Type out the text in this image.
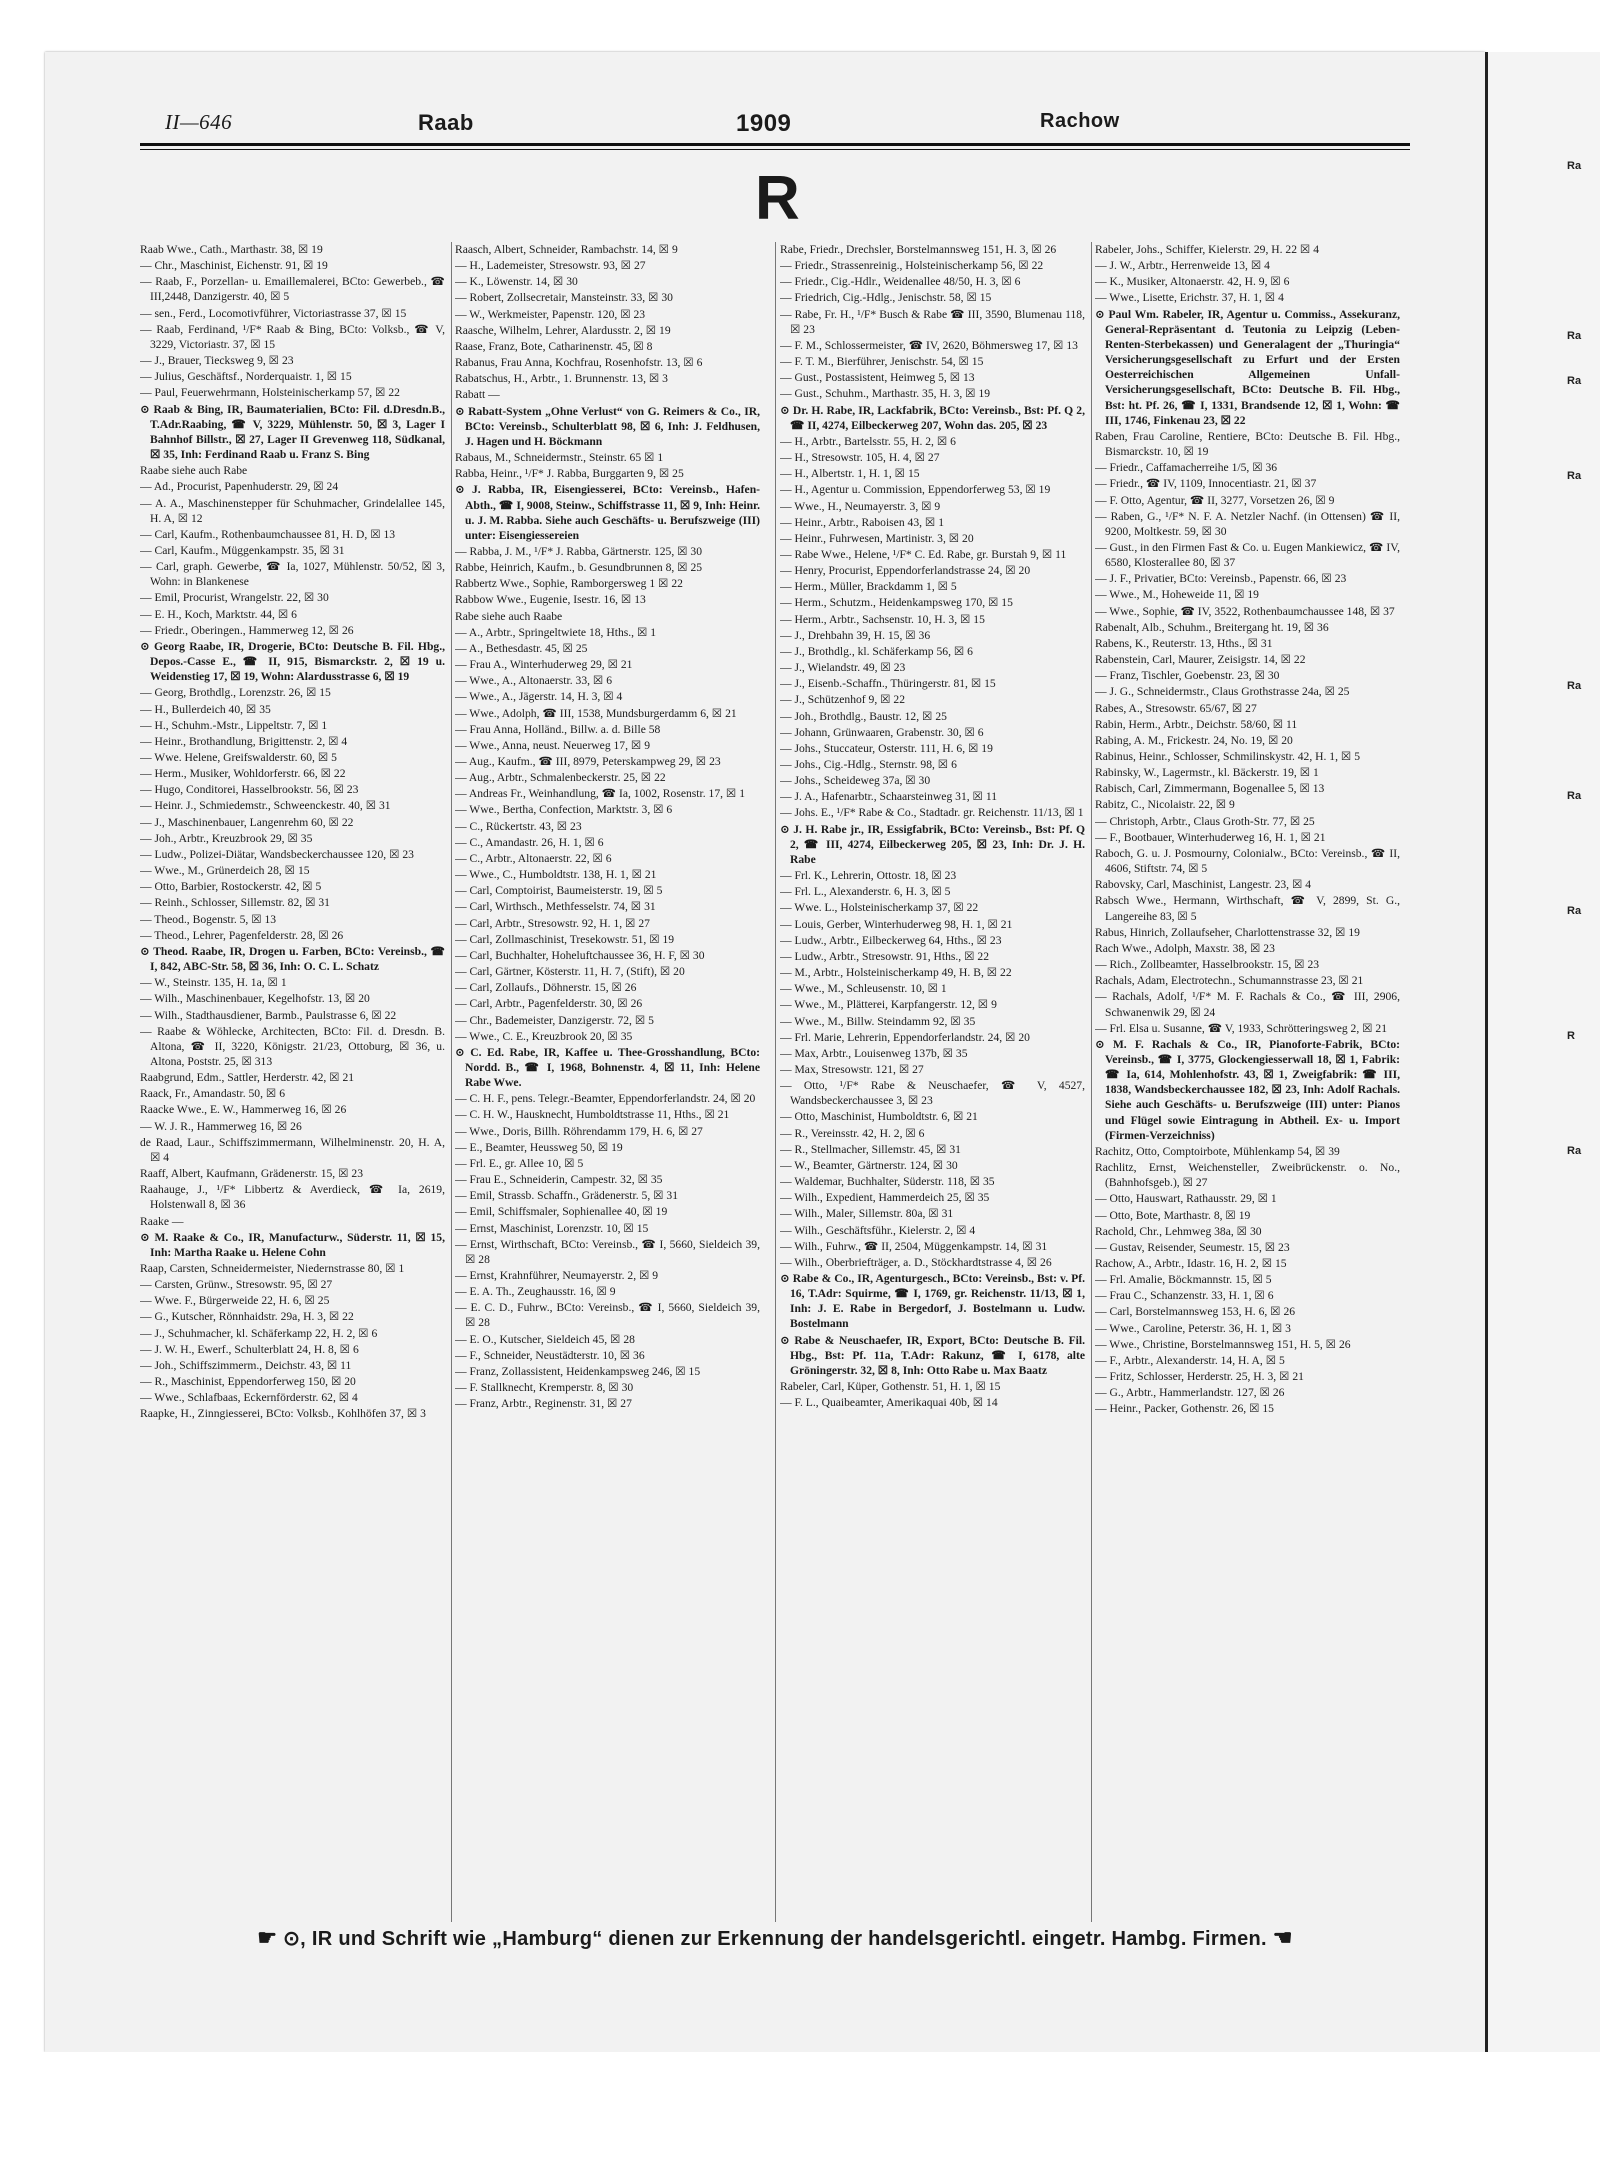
Ra
Ra
Ra
Ra
Ra
Ra
Ra
R
Ra
II—646	Raab	1909	Rachow
R
Raab Wwe., Cath., Marthastr. 38, ☒ 19
— Chr., Maschinist, Eichenstr. 91, ☒ 19
— Raab, F., Porzellan- u. Emaillemalerei, BCto: Gewerbeb., ☎ III,2448, Danzigerstr. 40, ☒ 5
— sen., Ferd., Locomotivführer, Victoriastrasse 37, ☒ 15
— Raab, Ferdinand, ¹/F* Raab & Bing, BCto: Volksb., ☎ V, 3229, Victoriastr. 37, ☒ 15
— J., Brauer, Tiecksweg 9, ☒ 23
— Julius, Geschäftsf., Norderquaistr. 1, ☒ 15
— Paul, Feuerwehrmann, Holsteinischerkamp 57, ☒ 22
⊙ Raab & Bing, IR, Baumaterialien, BCto: Fil. d.Dresdn.B., T.Adr.Raabing, ☎ V, 3229, Mühlenstr. 50, ☒ 3, Lager I Bahnhof Billstr., ☒ 27, Lager II Grevenweg 118, Südkanal, ☒ 35, Inh: Ferdinand Raab u. Franz S. Bing
Raabe siehe auch Rabe
— Ad., Procurist, Papenhuderstr. 29, ☒ 24
— A. A., Maschinenstepper für Schuhmacher, Grindelallee 145, H. A, ☒ 12
— Carl, Kaufm., Rothenbaumchaussee 81, H. D, ☒ 13
— Carl, Kaufm., Müggenkampstr. 35, ☒ 31
— Carl, graph. Gewerbe, ☎ Ia, 1027, Mühlenstr. 50/52, ☒ 3, Wohn: in Blankenese
— Emil, Procurist, Wrangelstr. 22, ☒ 30
— E. H., Koch, Marktstr. 44, ☒ 6
— Friedr., Oberingen., Hammerweg 12, ☒ 26
⊙ Georg Raabe, IR, Drogerie, BCto: Deutsche B. Fil. Hbg., Depos.-Casse E., ☎ II, 915, Bismarckstr. 2, ☒ 19 u. Weidenstieg 17, ☒ 19, Wohn: Alardusstrasse 6, ☒ 19
— Georg, Brothdlg., Lorenzstr. 26, ☒ 15
— H., Bullerdeich 40, ☒ 35
— H., Schuhm.-Mstr., Lippeltstr. 7, ☒ 1
— Heinr., Brothandlung, Brigittenstr. 2, ☒ 4
— Wwe. Helene, Greifswalderstr. 60, ☒ 5
— Herm., Musiker, Wohldorferstr. 66, ☒ 22
— Hugo, Conditorei, Hasselbrookstr. 56, ☒ 23
— Heinr. J., Schmiedemstr., Schweenckestr. 40, ☒ 31
— J., Maschinenbauer, Langenrehm 60, ☒ 22
— Joh., Arbtr., Kreuzbrook 29, ☒ 35
— Ludw., Polizei-Diätar, Wandsbeckerchaussee 120, ☒ 23
— Wwe., M., Grünerdeich 28, ☒ 15
— Otto, Barbier, Rostockerstr. 42, ☒ 5
— Reinh., Schlosser, Sillemstr. 82, ☒ 31
— Theod., Bogenstr. 5, ☒ 13
— Theod., Lehrer, Pagenfelderstr. 28, ☒ 26
⊙ Theod. Raabe, IR, Drogen u. Farben, BCto: Vereinsb., ☎ I, 842, ABC-Str. 58, ☒ 36, Inh: O. C. L. Schatz
— W., Steinstr. 135, H. 1a, ☒ 1
— Wilh., Maschinenbauer, Kegelhofstr. 13, ☒ 20
— Wilh., Stadthausdiener, Barmb., Paulstrasse 6, ☒ 22
— Raabe & Wöhlecke, Architecten, BCto: Fil. d. Dresdn. B. Altona, ☎ II, 3220, Königstr. 21/23, Ottoburg, ☒ 36, u. Altona, Poststr. 25, ☒ 313
Raabgrund, Edm., Sattler, Herderstr. 42, ☒ 21
Raack, Fr., Amandastr. 50, ☒ 6
Raacke Wwe., E. W., Hammerweg 16, ☒ 26
— W. J. R., Hammerweg 16, ☒ 26
de Raad, Laur., Schiffszimmermann, Wilhelminenstr. 20, H. A, ☒ 4
Raaff, Albert, Kaufmann, Grädenerstr. 15, ☒ 23
Raahauge, J., ¹/F* Libbertz & Averdieck, ☎ Ia, 2619, Holstenwall 8, ☒ 36
Raake —
⊙ M. Raake & Co., IR, Manufacturw., Süderstr. 11, ☒ 15, Inh: Martha Raake u. Helene Cohn
Raap, Carsten, Schneidermeister, Niedernstrasse 80, ☒ 1
— Carsten, Grünw., Stresowstr. 95, ☒ 27
— Wwe. F., Bürgerweide 22, H. 6, ☒ 25
— G., Kutscher, Rönnhaidstr. 29a, H. 3, ☒ 22
— J., Schuhmacher, kl. Schäferkamp 22, H. 2, ☒ 6
— J. W. H., Ewerf., Schulterblatt 24, H. 8, ☒ 6
— Joh., Schiffszimmerm., Deichstr. 43, ☒ 11
— R., Maschinist, Eppendorferweg 150, ☒ 20
— Wwe., Schlafbaas, Eckernförderstr. 62, ☒ 4
Raapke, H., Zinngiesserei, BCto: Volksb., Kohlhöfen 37, ☒ 3
Raasch, Albert, Schneider, Rambachstr. 14, ☒ 9
— H., Lademeister, Stresowstr. 93, ☒ 27
— K., Löwenstr. 14, ☒ 30
— Robert, Zollsecretair, Mansteinstr. 33, ☒ 30
— W., Werkmeister, Papenstr. 120, ☒ 23
Raasche, Wilhelm, Lehrer, Alardusstr. 2, ☒ 19
Raase, Franz, Bote, Catharinenstr. 45, ☒ 8
Rabanus, Frau Anna, Kochfrau, Rosenhofstr. 13, ☒ 6
Rabatschus, H., Arbtr., 1. Brunnenstr. 13, ☒ 3
Rabatt —
⊙ Rabatt-System „Ohne Verlust“ von G. Reimers & Co., IR, BCto: Vereinsb., Schulterblatt 98, ☒ 6, Inh: J. Feldhusen, J. Hagen und H. Böckmann
Rabaus, M., Schneidermstr., Steinstr. 65 ☒ 1
Rabba, Heinr., ¹/F* J. Rabba, Burggarten 9, ☒ 25
⊙ J. Rabba, IR, Eisengiesserei, BCto: Vereinsb., Hafen-Abth., ☎ I, 9008, Steinw., Schiffstrasse 11, ☒ 9, Inh: Heinr. u. J. M. Rabba. Siehe auch Geschäfts- u. Berufszweige (III) unter: Eisengiessereien
— Rabba, J. M., ¹/F* J. Rabba, Gärtnerstr. 125, ☒ 30
Rabbe, Heinrich, Kaufm., b. Gesundbrunnen 8, ☒ 25
Rabbertz Wwe., Sophie, Ramborgersweg 1 ☒ 22
Rabbow Wwe., Eugenie, Isestr. 16, ☒ 13
Rabe siehe auch Raabe
— A., Arbtr., Springeltwiete 18, Hths., ☒ 1
— A., Bethesdastr. 45, ☒ 25
— Frau A., Winterhuderweg 29, ☒ 21
— Wwe., A., Altonaerstr. 33, ☒ 6
— Wwe., A., Jägerstr. 14, H. 3, ☒ 4
— Wwe., Adolph, ☎ III, 1538, Mundsburgerdamm 6, ☒ 21
— Frau Anna, Holländ., Billw. a. d. Bille 58
— Wwe., Anna, neust. Neuerweg 17, ☒ 9
— Aug., Kaufm., ☎ III, 8979, Peterskampweg 29, ☒ 23
— Aug., Arbtr., Schmalenbeckerstr. 25, ☒ 22
— Andreas Fr., Weinhandlung, ☎ Ia, 1002, Rosenstr. 17, ☒ 1
— Wwe., Bertha, Confection, Marktstr. 3, ☒ 6
— C., Rückertstr. 43, ☒ 23
— C., Amandastr. 26, H. 1, ☒ 6
— C., Arbtr., Altonaerstr. 22, ☒ 6
— Wwe., C., Humboldtstr. 138, H. 1, ☒ 21
— Carl, Comptoirist, Baumeisterstr. 19, ☒ 5
— Carl, Wirthsch., Methfesselstr. 74, ☒ 31
— Carl, Arbtr., Stresowstr. 92, H. 1, ☒ 27
— Carl, Zollmaschinist, Tresekowstr. 51, ☒ 19
— Carl, Buchhalter, Hoheluftchaussee 36, H. F, ☒ 30
— Carl, Gärtner, Kösterstr. 11, H. 7, (Stift), ☒ 20
— Carl, Zollaufs., Döhnerstr. 15, ☒ 26
— Carl, Arbtr., Pagenfelderstr. 30, ☒ 26
— Chr., Bademeister, Danzigerstr. 72, ☒ 5
— Wwe., C. E., Kreuzbrook 20, ☒ 35
⊙ C. Ed. Rabe, IR, Kaffee u. Thee-Grosshandlung, BCto: Nordd. B., ☎ I, 1968, Bohnenstr. 4, ☒ 11, Inh: Helene Rabe Wwe.
— C. H. F., pens. Telegr.-Beamter, Eppendorferlandstr. 24, ☒ 20
— C. H. W., Hausknecht, Humboldtstrasse 11, Hths., ☒ 21
— Wwe., Doris, Billh. Röhrendamm 179, H. 6, ☒ 27
— E., Beamter, Heussweg 50, ☒ 19
— Frl. E., gr. Allee 10, ☒ 5
— Frau E., Schneiderin, Campestr. 32, ☒ 35
— Emil, Strassb. Schaffn., Grädenerstr. 5, ☒ 31
— Emil, Schiffsmaler, Sophienallee 40, ☒ 19
— Ernst, Maschinist, Lorenzstr. 10, ☒ 15
— Ernst, Wirthschaft, BCto: Vereinsb., ☎ I, 5660, Sieldeich 39, ☒ 28
— Ernst, Krahnführer, Neumayerstr. 2, ☒ 9
— E. A. Th., Zeughausstr. 16, ☒ 9
— E. C. D., Fuhrw., BCto: Vereinsb., ☎ I, 5660, Sieldeich 39, ☒ 28
— E. O., Kutscher, Sieldeich 45, ☒ 28
— F., Schneider, Neustädterstr. 10, ☒ 36
— Franz, Zollassistent, Heidenkampsweg 246, ☒ 15
— F. Stallknecht, Kremperstr. 8, ☒ 30
— Franz, Arbtr., Reginenstr. 31, ☒ 27
Rabe, Friedr., Drechsler, Borstelmannsweg 151, H. 3, ☒ 26
— Friedr., Strassenreinig., Holsteinischerkamp 56, ☒ 22
— Friedr., Cig.-Hdlr., Weidenallee 48/50, H. 3, ☒ 6
— Friedrich, Cig.-Hdlg., Jenischstr. 58, ☒ 15
— Rabe, Fr. H., ¹/F* Busch & Rabe ☎ III, 3590, Blumenau 118, ☒ 23
— F. M., Schlossermeister, ☎ IV, 2620, Böhmersweg 17, ☒ 13
— F. T. M., Bierführer, Jenischstr. 54, ☒ 15
— Gust., Postassistent, Heimweg 5, ☒ 13
— Gust., Schuhm., Marthastr. 35, H. 3, ☒ 19
⊙ Dr. H. Rabe, IR, Lackfabrik, BCto: Vereinsb., Bst: Pf. Q 2, ☎ II, 4274, Eilbeckerweg 207, Wohn das. 205, ☒ 23
— H., Arbtr., Bartelsstr. 55, H. 2, ☒ 6
— H., Stresowstr. 105, H. 4, ☒ 27
— H., Albertstr. 1, H. 1, ☒ 15
— H., Agentur u. Commission, Eppendorferweg 53, ☒ 19
— Wwe., H., Neumayerstr. 3, ☒ 9
— Heinr., Arbtr., Raboisen 43, ☒ 1
— Heinr., Fuhrwesen, Martinistr. 3, ☒ 20
— Rabe Wwe., Helene, ¹/F* C. Ed. Rabe, gr. Burstah 9, ☒ 11
— Henry, Procurist, Eppendorferlandstrasse 24, ☒ 20
— Herm., Müller, Brackdamm 1, ☒ 5
— Herm., Schutzm., Heidenkampsweg 170, ☒ 15
— Herm., Arbtr., Sachsenstr. 10, H. 3, ☒ 15
— J., Drehbahn 39, H. 15, ☒ 36
— J., Brothdlg., kl. Schäferkamp 56, ☒ 6
— J., Wielandstr. 49, ☒ 23
— J., Eisenb.-Schaffn., Thüringerstr. 81, ☒ 15
— J., Schützenhof 9, ☒ 22
— Joh., Brothdlg., Baustr. 12, ☒ 25
— Johann, Grünwaaren, Grabenstr. 30, ☒ 6
— Johs., Stuccateur, Osterstr. 111, H. 6, ☒ 19
— Johs., Cig.-Hdlg., Sternstr. 98, ☒ 6
— Johs., Scheideweg 37a, ☒ 30
— J. A., Hafenarbtr., Schaarsteinweg 31, ☒ 11
— Johs. E., ¹/F* Rabe & Co., Stadtadr. gr. Reichenstr. 11/13, ☒ 1
⊙ J. H. Rabe jr., IR, Essigfabrik, BCto: Vereinsb., Bst: Pf. Q 2, ☎ III, 4274, Eilbeckerweg 205, ☒ 23, Inh: Dr. J. H. Rabe
— Frl. K., Lehrerin, Ottostr. 18, ☒ 23
— Frl. L., Alexanderstr. 6, H. 3, ☒ 5
— Wwe. L., Holsteinischerkamp 37, ☒ 22
— Louis, Gerber, Winterhuderweg 98, H. 1, ☒ 21
— Ludw., Arbtr., Eilbeckerweg 64, Hths., ☒ 23
— Ludw., Arbtr., Stresowstr. 91, Hths., ☒ 22
— M., Arbtr., Holsteinischerkamp 49, H. B, ☒ 22
— Wwe., M., Schleusenstr. 10, ☒ 1
— Wwe., M., Plätterei, Karpfangerstr. 12, ☒ 9
— Wwe., M., Billw. Steindamm 92, ☒ 35
— Frl. Marie, Lehrerin, Eppendorferlandstr. 24, ☒ 20
— Max, Arbtr., Louisenweg 137b, ☒ 35
— Max, Stresowstr. 121, ☒ 27
— Otto, ¹/F* Rabe & Neuschaefer, ☎ V, 4527, Wandsbeckerchaussee 3, ☒ 23
— Otto, Maschinist, Humboldtstr. 6, ☒ 21
— R., Vereinsstr. 42, H. 2, ☒ 6
— R., Stellmacher, Sillemstr. 45, ☒ 31
— W., Beamter, Gärtnerstr. 124, ☒ 30
— Waldemar, Buchhalter, Süderstr. 118, ☒ 35
— Wilh., Expedient, Hammerdeich 25, ☒ 35
— Wilh., Maler, Sillemstr. 80a, ☒ 31
— Wilh., Geschäftsführ., Kielerstr. 2, ☒ 4
— Wilh., Fuhrw., ☎ II, 2504, Müggenkampstr. 14, ☒ 31
— Wilh., Oberbriefträger, a. D., Stöckhardtstrasse 4, ☒ 26
⊙ Rabe & Co., IR, Agenturgesch., BCto: Vereinsb., Bst: v. Pf. 16, T.Adr: Squirme, ☎ I, 1769, gr. Reichenstr. 11/13, ☒ 1, Inh: J. E. Rabe in Bergedorf, J. Bostelmann u. Ludw. Bostelmann
⊙ Rabe & Neuschaefer, IR, Export, BCto: Deutsche B. Fil. Hbg., Bst: Pf. 11a, T.Adr: Rakunz, ☎ I, 6178, alte Gröningerstr. 32, ☒ 8, Inh: Otto Rabe u. Max Baatz
Rabeler, Carl, Küper, Gothenstr. 51, H. 1, ☒ 15
— F. L., Quaibeamter, Amerikaquai 40b, ☒ 14
Rabeler, Johs., Schiffer, Kielerstr. 29, H. 22 ☒ 4
— J. W., Arbtr., Herrenweide 13, ☒ 4
— K., Musiker, Altonaerstr. 42, H. 9, ☒ 6
— Wwe., Lisette, Erichstr. 37, H. 1, ☒ 4
⊙ Paul Wm. Rabeler, IR, Agentur u. Commiss., Assekuranz, General-Repräsentant d. Teutonia zu Leipzig (Leben-Renten-Sterbekassen) und Generalagent der „Thuringia“ Versicherungsgesellschaft zu Erfurt und der Ersten Oesterreichischen Allgemeinen Unfall-Versicherungsgesellschaft, BCto: Deutsche B. Fil. Hbg., Bst: ht. Pf. 26, ☎ I, 1331, Brandsende 12, ☒ 1, Wohn: ☎ III, 1746, Finkenau 23, ☒ 22
Raben, Frau Caroline, Rentiere, BCto: Deutsche B. Fil. Hbg., Bismarckstr. 10, ☒ 19
— Friedr., Caffamacherreihe 1/5, ☒ 36
— Friedr., ☎ IV, 1109, Innocentiastr. 21, ☒ 37
— F. Otto, Agentur, ☎ II, 3277, Vorsetzen 26, ☒ 9
— Raben, G., ¹/F* N. F. A. Netzler Nachf. (in Ottensen) ☎ II, 9200, Moltkestr. 59, ☒ 30
— Gust., in den Firmen Fast & Co. u. Eugen Mankiewicz, ☎ IV, 6580, Klosterallee 80, ☒ 37
— J. F., Privatier, BCto: Vereinsb., Papenstr. 66, ☒ 23
— Wwe., M., Hoheweide 11, ☒ 19
— Wwe., Sophie, ☎ IV, 3522, Rothenbaumchaussee 148, ☒ 37
Rabenalt, Alb., Schuhm., Breitergang ht. 19, ☒ 36
Rabens, K., Reuterstr. 13, Hths., ☒ 31
Rabenstein, Carl, Maurer, Zeisigstr. 14, ☒ 22
— Franz, Tischler, Goebenstr. 23, ☒ 30
— J. G., Schneidermstr., Claus Grothstrasse 24a, ☒ 25
Rabes, A., Stresowstr. 65/67, ☒ 27
Rabin, Herm., Arbtr., Deichstr. 58/60, ☒ 11
Rabing, A. M., Frickestr. 24, No. 19, ☒ 20
Rabinus, Heinr., Schlosser, Schmilinskystr. 42, H. 1, ☒ 5
Rabinsky, W., Lagermstr., kl. Bäckerstr. 19, ☒ 1
Rabisch, Carl, Zimmermann, Bogenallee 5, ☒ 13
Rabitz, C., Nicolaistr. 22, ☒ 9
— Christoph, Arbtr., Claus Groth-Str. 77, ☒ 25
— F., Bootbauer, Winterhuderweg 16, H. 1, ☒ 21
Raboch, G. u. J. Posmourny, Colonialw., BCto: Vereinsb., ☎ II, 4606, Stiftstr. 74, ☒ 5
Rabovsky, Carl, Maschinist, Langestr. 23, ☒ 4
Rabsch Wwe., Hermann, Wirthschaft, ☎ V, 2899, St. G., Langereihe 83, ☒ 5
Rabus, Hinrich, Zollaufseher, Charlottenstrasse 32, ☒ 19
Rach Wwe., Adolph, Maxstr. 38, ☒ 23
— Rich., Zollbeamter, Hasselbrookstr. 15, ☒ 23
Rachals, Adam, Electrotechn., Schumannstrasse 23, ☒ 21
— Rachals, Adolf, ¹/F* M. F. Rachals & Co., ☎ III, 2906, Schwanenwik 29, ☒ 24
— Frl. Elsa u. Susanne, ☎ V, 1933, Schrötteringsweg 2, ☒ 21
⊙ M. F. Rachals & Co., IR, Pianoforte-Fabrik, BCto: Vereinsb., ☎ I, 3775, Glockengiesserwall 18, ☒ 1, Fabrik: ☎ Ia, 614, Mohlenhofstr. 43, ☒ 1, Zweigfabrik: ☎ III, 1838, Wandsbeckerchaussee 182, ☒ 23, Inh: Adolf Rachals. Siehe auch Geschäfts- u. Berufszweige (III) unter: Pianos und Flügel sowie Eintragung in Abtheil. Ex- u. Import (Firmen-Verzeichniss)
Rachitz, Otto, Comptoirbote, Mühlenkamp 54, ☒ 39
Rachlitz, Ernst, Weichensteller, Zweibrückenstr. o. No., (Bahnhofsgeb.), ☒ 27
— Otto, Hauswart, Rathausstr. 29, ☒ 1
— Otto, Bote, Marthastr. 8, ☒ 19
Rachold, Chr., Lehmweg 38a, ☒ 30
— Gustav, Reisender, Seumestr. 15, ☒ 23
Rachow, A., Arbtr., Idastr. 16, H. 2, ☒ 15
— Frl. Amalie, Böckmannstr. 15, ☒ 5
— Frau C., Schanzenstr. 33, H. 1, ☒ 6
— Carl, Borstelmannsweg 153, H. 6, ☒ 26
— Wwe., Caroline, Peterstr. 36, H. 1, ☒ 3
— Wwe., Christine, Borstelmannsweg 151, H. 5, ☒ 26
— F., Arbtr., Alexanderstr. 14, H. A, ☒ 5
— Fritz, Schlosser, Herderstr. 25, H. 3, ☒ 21
— G., Arbtr., Hammerlandstr. 127, ☒ 26
— Heinr., Packer, Gothenstr. 26, ☒ 15
☛ ⊙, IR und Schrift wie „Hamburg“ dienen zur Erkennung der handelsgerichtl. eingetr. Hambg. Firmen. ☚
